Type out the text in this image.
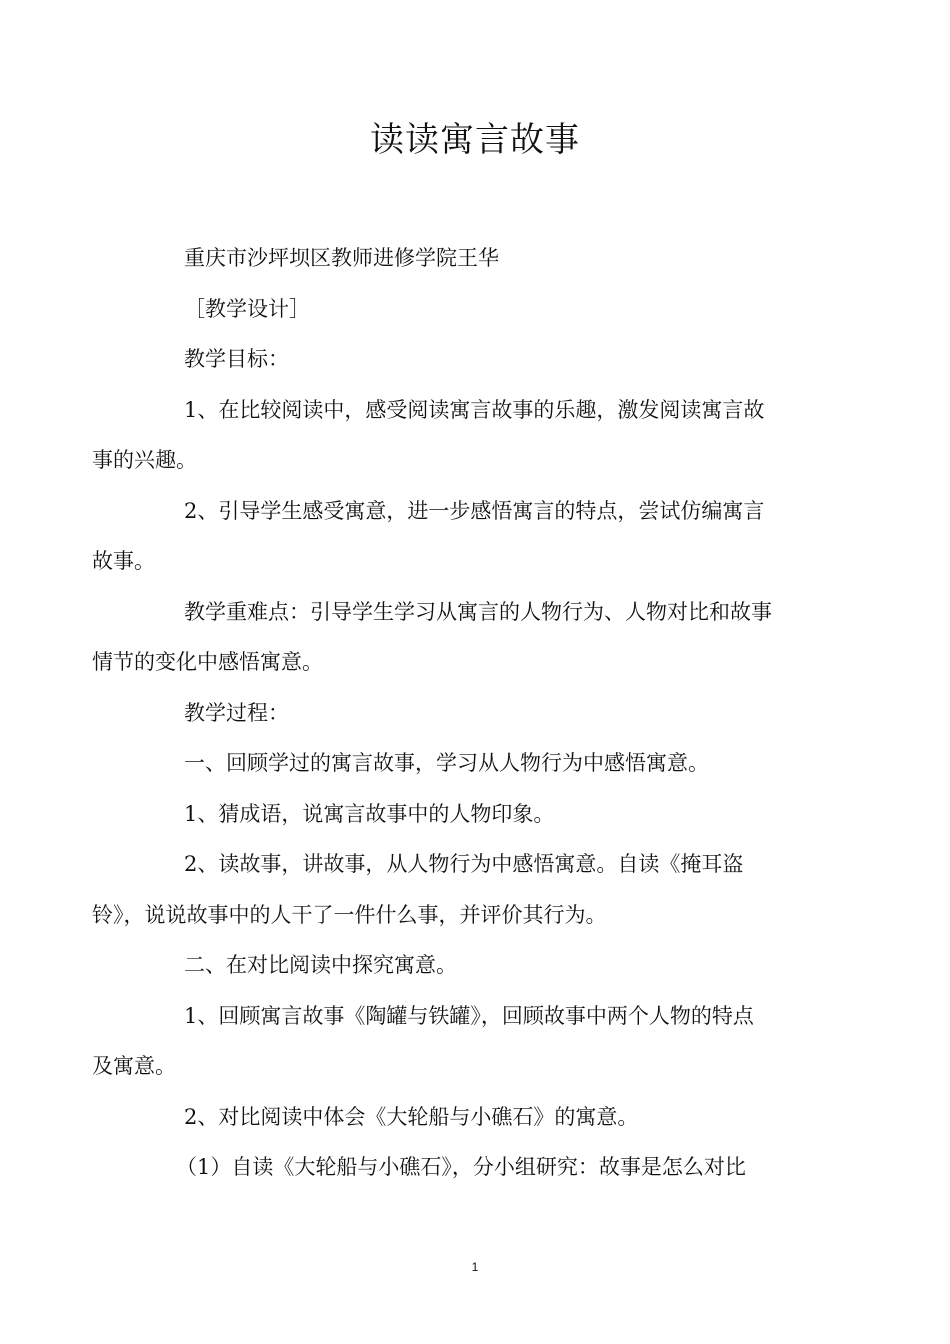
读读寓言故事

重庆市沙坪坝区教师进修学院王华

［教学设计］

教学目标：

1、在比较阅读中，感受阅读寓言故事的乐趣，激发阅读寓言故
事的兴趣。

2、引导学生感受寓意，进一步感悟寓言的特点，尝试仿编寓言
故事。

教学重难点：引导学生学习从寓言的人物行为、人物对比和故事
情节的变化中感悟寓意。

教学过程：

一、回顾学过的寓言故事，学习从人物行为中感悟寓意。

1、猜成语，说寓言故事中的人物印象。

2、读故事，讲故事，从人物行为中感悟寓意。自读《掩耳盗
铃》，说说故事中的人干了一件什么事，并评价其行为。

二、在对比阅读中探究寓意。

1、回顾寓言故事《陶罐与铁罐》，回顾故事中两个人物的特点
及寓意。

2、对比阅读中体会《大轮船与小礁石》的寓意。

（1）自读《大轮船与小礁石》，分小组研究：故事是怎么对比

1
